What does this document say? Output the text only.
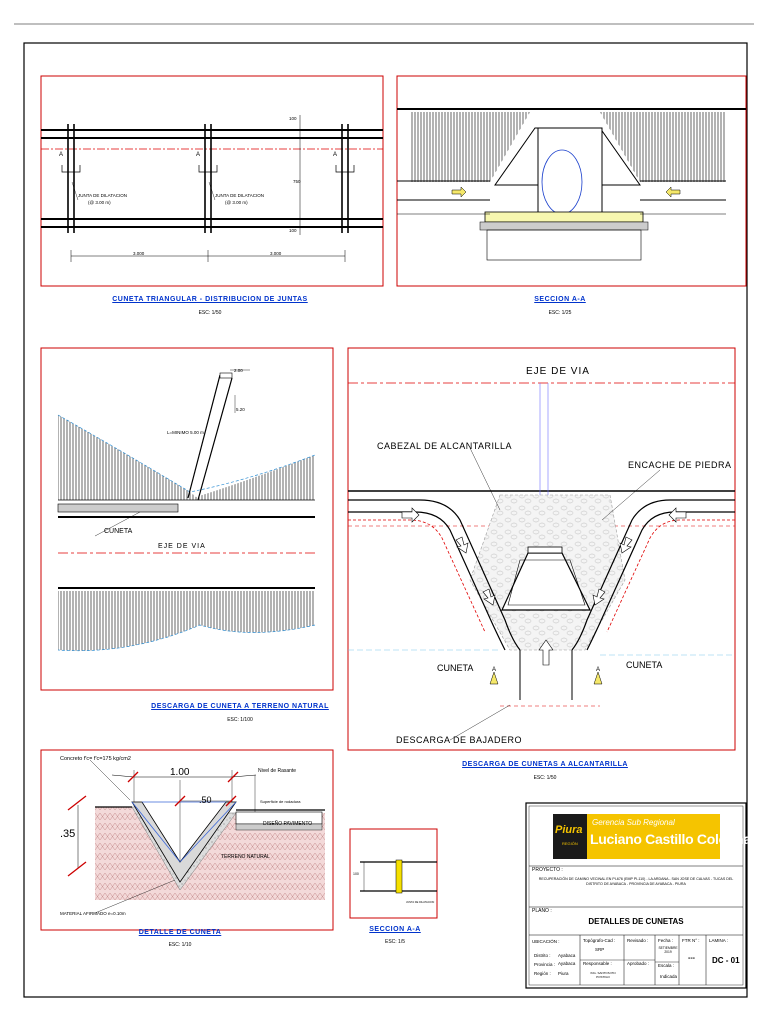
A	A	A
JUNTA DE DILATACION
(@ 3.00 m)
JUNTA DE DILATACION
(@ 3.00 m)
3.000	3.000
100
750
100
CUNETA TRIANGULAR - DISTRIBUCION DE JUNTAS
ESC: 1/50
SECCION A-A
ESC: 1/25
2.00
5.20
L=MINIMO 5.00 m
CUNETA
EJE DE VIA
DESCARGA DE CUNETA A TERRENO NATURAL
ESC: 1/100
EJE DE VIA
CABEZAL DE ALCANTARILLA
ENCACHE DE PIEDRA
CUNETA	CUNETA
A	A
DESCARGA DE BAJADERO
DESCARGA DE CUNETAS A ALCANTARILLA
ESC: 1/50
Concreto f'c= f'c=175 kg/cm2
Nivel de Rasante
1.00
.50
.35
Superficie de rodadura
DISEÑO PAVIMENTO
TERRENO NATURAL
MATERIAL AFIRMADO e=0.10m
DETALLE DE CUNETA
ESC: 1/10
100
JUNTA DE DILATACION
SECCION A-A
ESC: 1/5
Piura
REGIÓN
Gerencia Sub Regional
Luciano Castillo Colonna
PROYECTO :
RECUPERACIÓN DE CAMINO VECINAL EN PI-676 (EMP PI-110) - LA ARDANA - SAN JOSE DE CALVAS - TUCAS DEL DISTRITO DE AYABACA - PROVINCIA DE AYABACA - PIURA
PLANO :
DETALLES DE CUNETAS
UBICACIÓN :
Distrito : Ayabaca
Provincia : Ayabaca
Región : Piura
Topógrafo-Cad :
SRP
Responsable :
ING. SANTOS PIN POSTIGO
Revisado :
Aprobado :
Fecha :
SETIEMBRE 2019
Escala :
Indicada
FTR N° :
---
LAMINA :
DC - 01
